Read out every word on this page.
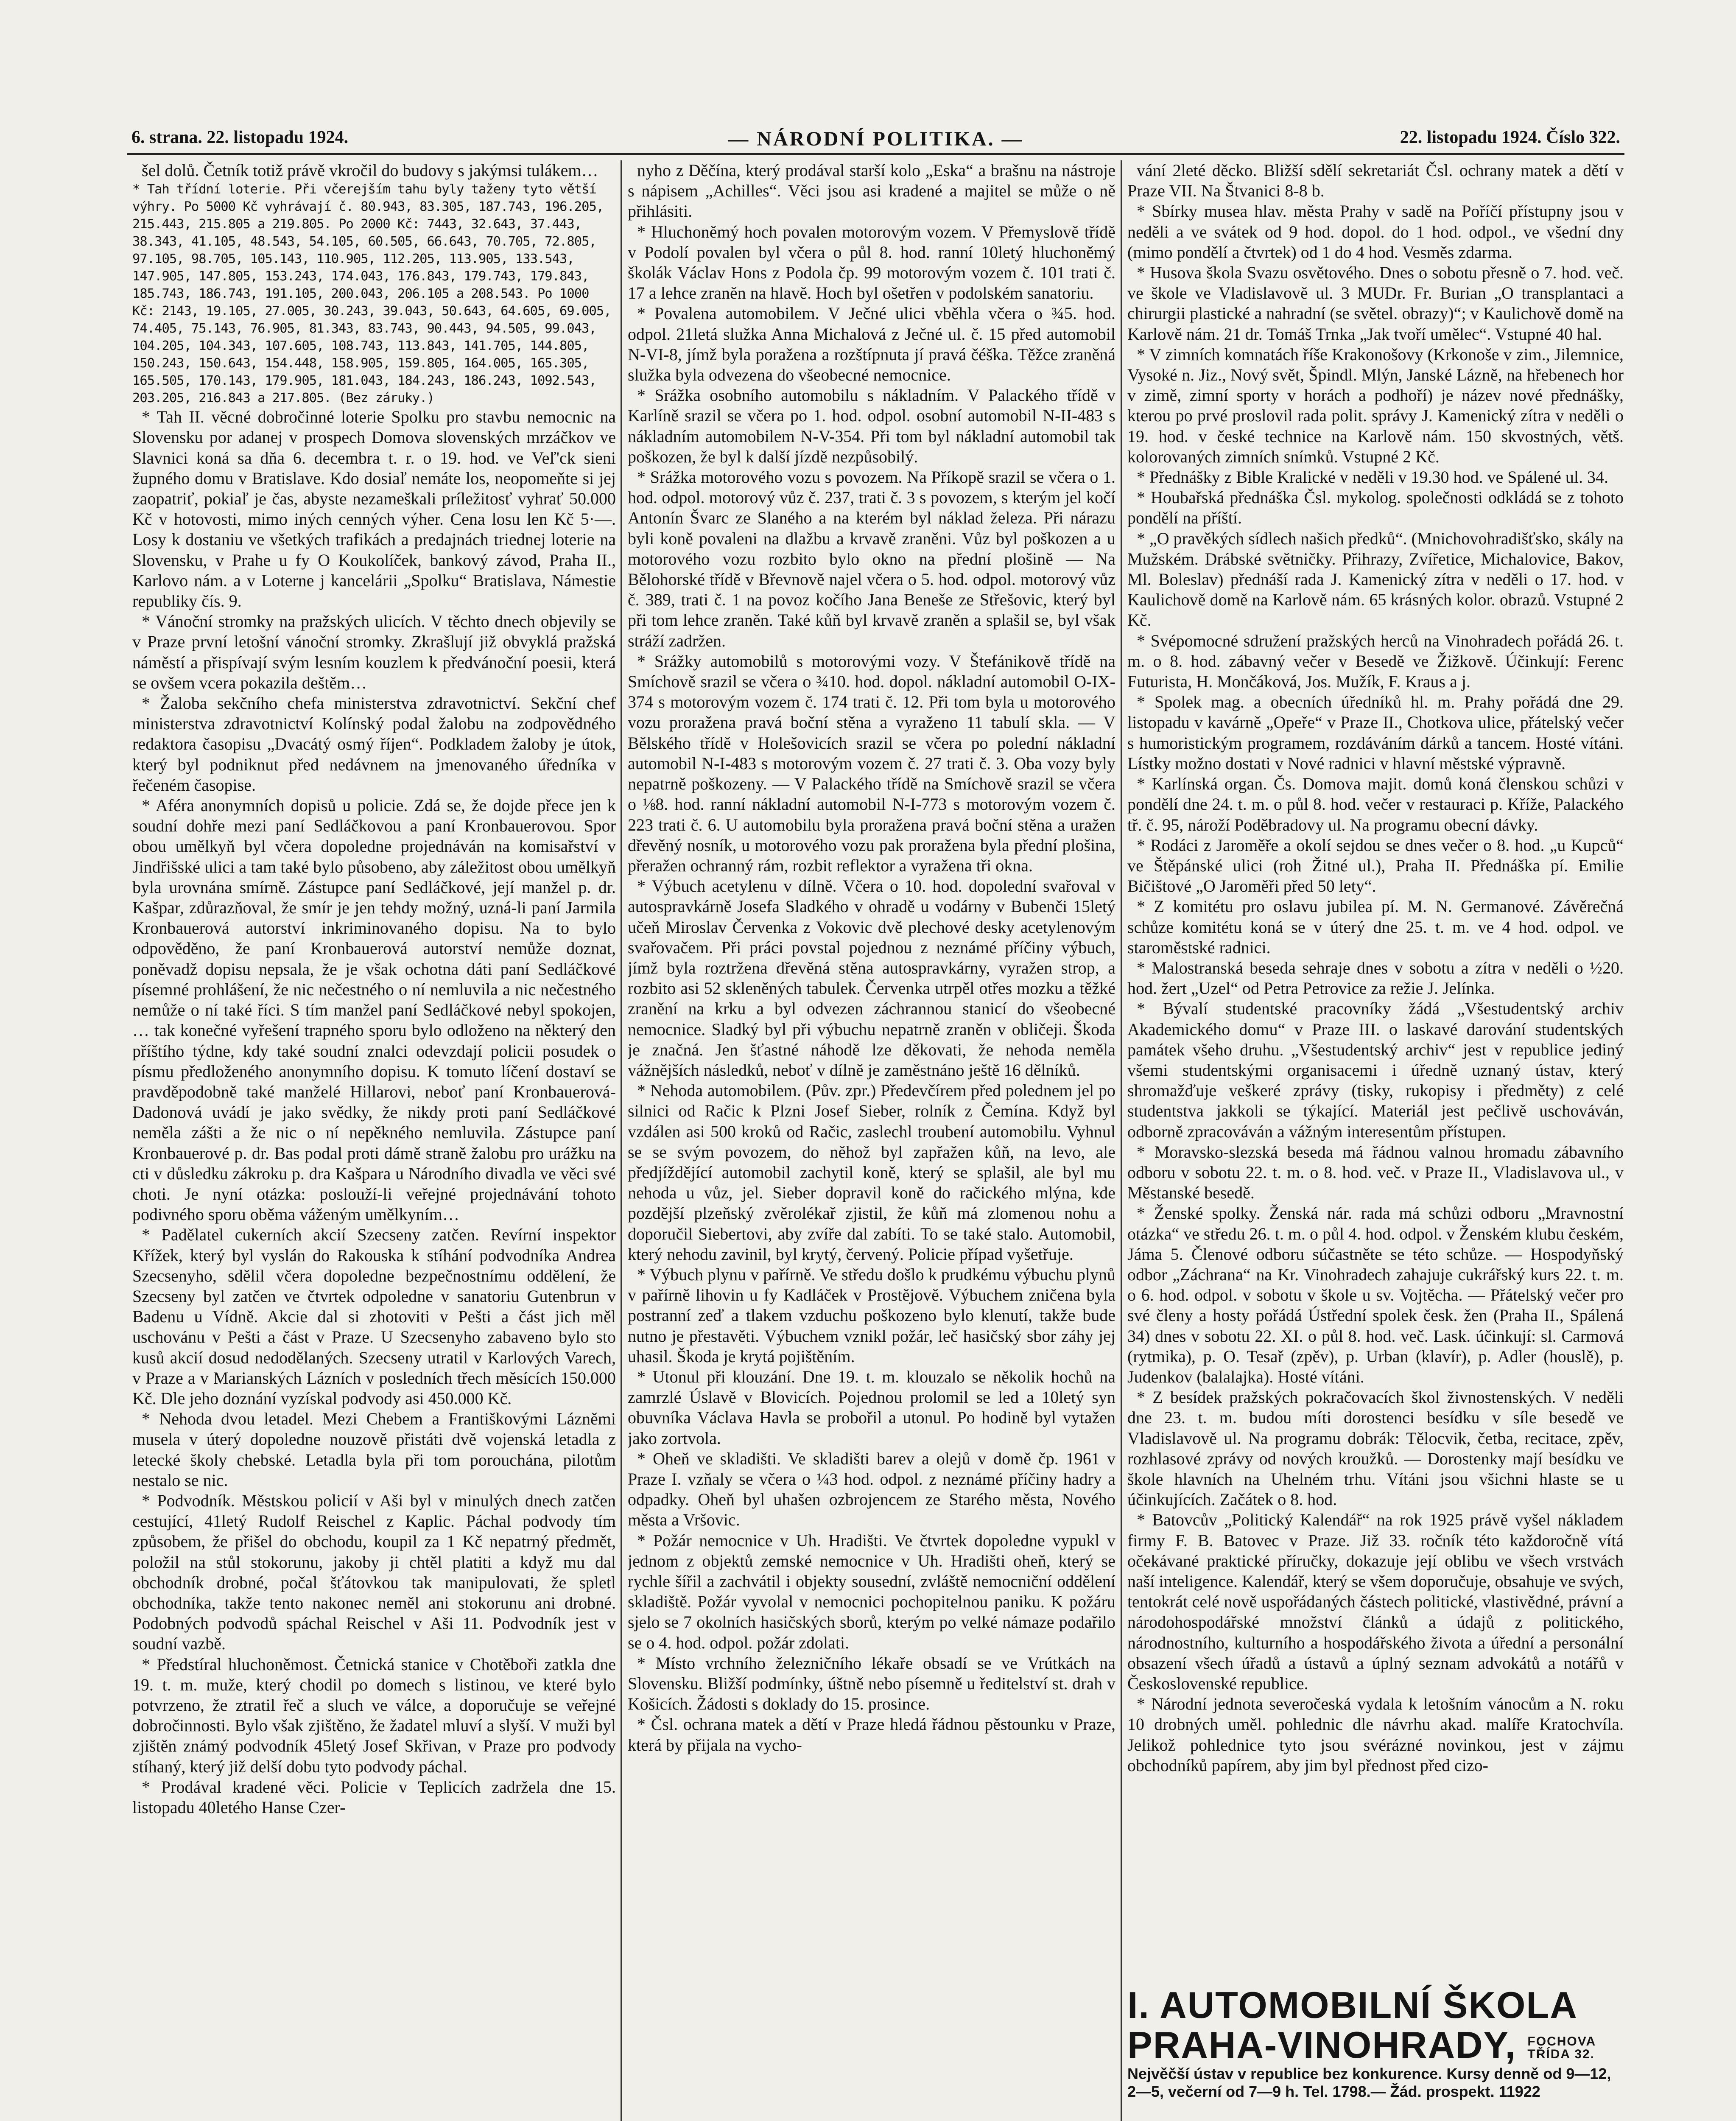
6. strana. 22. listopadu 1924.	— NÁRODNÍ POLITIKA. —	22. listopadu 1924. Číslo 322.

šel dolů. Četník totiž právě vkročil do budovy s jakýmsi tulákem…

* Tah třídní loterie. Při včerejším tahu byly taženy tyto větší výhry. Po 5000 Kč vyhrávají č. 80.943, 83.305, 187.743, 196.205, 215.443, 215.805 a 219.805. Po 2000 Kč: 7443, 32.643, 37.443, 38.343, 41.105, 48.543, 54.105, 60.505, 66.643, 70.705, 72.805, 97.105, 98.705, 105.143, 110.905, 112.205, 113.905, 133.543, 147.905, 147.805, 153.243, 174.043, 176.843, 179.743, 179.843, 185.743, 186.743, 191.105, 200.043, 206.105 a 208.543. Po 1000 Kč: 2143, 19.105, 27.005, 30.243, 39.043, 50.643, 64.605, 69.005, 74.405, 75.143, 76.905, 81.343, 83.743, 90.443, 94.505, 99.043, 104.205, 104.343, 107.605, 108.743, 113.843, 141.705, 144.805, 150.243, 150.643, 154.448, 158.905, 159.805, 164.005, 165.305, 165.505, 170.143, 179.905, 181.043, 184.243, 186.243, 1092.543, 203.205, 216.843 a 217.805. (Bez záruky.)

* Tah II. věcné dobročinné loterie Spolku pro stavbu nemocnic na Slovensku por adanej v prospech Domova slovenských mrzáčkov ve Slavnici koná sa dňa 6. decembra t. r. o 19. hod. ve Veľ'ck sieni župného domu v Bratislave. Kdo dosiaľ nemáte los, neopomeňte si jej zaopatriť, pokiaľ je čas, abyste nezameškali príležitosť vyhrať 50.000 Kč v hotovosti, mimo iných cenných výher. Cena losu len Kč 5·—. Losy k dostaniu ve všetkých trafikách a predajnách triednej loterie na Slovensku, v Prahe u fy O Koukolíček, bankový závod, Praha II., Karlovo nám. a v Loterne j kancelárii „Spolku“ Bratislava, Námestie republiky čís. 9.

* Vánoční stromky na pražských ulicích. V těchto dnech objevily se v Praze první letošní vánoční stromky. Zkrašlují již obvyklá pražská náměstí a přispívají svým lesním kouzlem k předvánoční poesii, která se ovšem vcera pokazila deštěm…

* Žaloba sekčního chefa ministerstva zdravotnictví. Sekční chef ministerstva zdravotnictví Kolínský podal žalobu na zodpovědného redaktora časopisu „Dvacátý osmý říjen“. Podkladem žaloby je útok, který byl podniknut před nedávnem na jmenovaného úředníka v řečeném časopise.

* Aféra anonymních dopisů u policie. Zdá se, že dojde přece jen k soudní dohře mezi paní Sedláčkovou a paní Kronbauerovou. Spor obou umělkyň byl včera dopoledne projednáván na komisařství v Jindřišské ulici a tam také bylo působeno, aby záležitost obou umělkyň byla urovnána smírně. Zástupce paní Sedláčkové, její manžel p. dr. Kašpar, zdůrazňoval, že smír je jen tehdy možný, uzná-li paní Jarmila Kronbauerová autorství inkriminovaného dopisu. Na to bylo odpověděno, že paní Kronbauerová autorství nemůže doznat, poněvadž dopisu nepsala, že je však ochotna dáti paní Sedláčkové písemné prohlášení, že nic nečestného o ní nemluvila a nic nečestného nemůže o ní také říci. S tím manžel paní Sedláčkové nebyl spokojen, … tak konečné vyřešení trapného sporu bylo odloženo na některý den příštího týdne, kdy také soudní znalci odevzdají policii posudek o písmu předloženého anonymního dopisu. K tomuto líčení dostaví se pravděpodobně také manželé Hillarovi, neboť paní Kronbauerová-Dadonová uvádí je jako svědky, že nikdy proti paní Sedláčkové neměla zášti a že nic o ní nepěkného nemluvila. Zástupce paní Kronbauerové p. dr. Bas podal proti dámě straně žalobu pro urážku na cti v důsledku zákroku p. dra Kašpara u Národního divadla ve věci své choti. Je nyní otázka: poslouží-li veřejné projednávání tohoto podivného sporu oběma váženým umělkyním…

* Padělatel cukerních akcií Szecseny zatčen. Revírní inspektor Křížek, který byl vyslán do Rakouska k stíhání podvodníka Andrea Szecsenyho, sdělil včera dopoledne bezpečnostnímu oddělení, že Szecseny byl zatčen ve čtvrtek odpoledne v sanatoriu Gutenbrun v Badenu u Vídně. Akcie dal si zhotoviti v Pešti a část jich měl uschovánu v Pešti a část v Praze. U Szecsenyho zabaveno bylo sto kusů akcií dosud nedodělaných. Szecseny utratil v Karlových Varech, v Praze a v Marianských Lázních v posledních třech měsících 150.000 Kč. Dle jeho doznání vyzískal podvody asi 450.000 Kč.

* Nehoda dvou letadel. Mezi Chebem a Františkovými Lázněmi musela v úterý dopoledne nouzově přistáti dvě vojenská letadla z letecké školy chebské. Letadla byla při tom porouchána, pilotům nestalo se nic.

* Podvodník. Městskou policií v Aši byl v minulých dnech zatčen cestující, 41letý Rudolf Reischel z Kaplic. Páchal podvody tím způsobem, že přišel do obchodu, koupil za 1 Kč nepatrný předmět, položil na stůl stokorunu, jakoby ji chtěl platiti a když mu dal obchodník drobné, počal šťátovkou tak manipulovati, že spletl obchodníka, takže tento nakonec neměl ani stokorunu ani drobné. Podobných podvodů spáchal Reischel v Aši 11. Podvodník jest v soudní vazbě.

* Předstíral hluchoněmost. Četnická stanice v Chotěboři zatkla dne 19. t. m. muže, který chodil po domech s listinou, ve které bylo potvrzeno, že ztratil řeč a sluch ve válce, a doporučuje se veřejné dobročinnosti. Bylo však zjištěno, že žadatel mluví a slyší. V muži byl zjištěn známý podvodník 45letý Josef Skřivan, v Praze pro podvody stíhaný, který již delší dobu tyto podvody páchal.

* Prodával kradené věci. Policie v Teplicích zadržela dne 15. listopadu 40letého Hanse Czer-

nyho z Děčína, který prodával starší kolo „Eska“ a brašnu na nástroje s nápisem „Achilles“. Věci jsou asi kradené a majitel se může o ně přihlásiti.

* Hluchoněmý hoch povalen motorovým vozem. V Přemyslově třídě v Podolí povalen byl včera o půl 8. hod. ranní 10letý hluchoněmý školák Václav Hons z Podola čp. 99 motorovým vozem č. 101 trati č. 17 a lehce zraněn na hlavě. Hoch byl ošetřen v podolském sanatoriu.

* Povalena automobilem. V Ječné ulici vběhla včera o ¾5. hod. odpol. 21letá služka Anna Michalová z Ječné ul. č. 15 před automobil N-VI-8, jímž byla poražena a rozštípnuta jí pravá čéška. Těžce zraněná služka byla odvezena do všeobecné nemocnice.

* Srážka osobního automobilu s nákladním. V Palackého třídě v Karlíně srazil se včera po 1. hod. odpol. osobní automobil N-II-483 s nákladním automobilem N-V-354. Při tom byl nákladní automobil tak poškozen, že byl k další jízdě nezpůsobilý.

* Srážka motorového vozu s povozem. Na Příkopě srazil se včera o 1. hod. odpol. motorový vůz č. 237, trati č. 3 s povozem, s kterým jel kočí Antonín Švarc ze Slaného a na kterém byl náklad železa. Při nárazu byli koně povaleni na dlažbu a krvavě zraněni. Vůz byl poškozen a u motorového vozu rozbito bylo okno na přední plošině — Na Bělohorské třídě v Břevnově najel včera o 5. hod. odpol. motorový vůz č. 389, trati č. 1 na povoz kočího Jana Beneše ze Střešovic, který byl při tom lehce zraněn. Také kůň byl krvavě zraněn a splašil se, byl však stráží zadržen.

* Srážky automobilů s motorovými vozy. V Štefánikově třídě na Smíchově srazil se včera o ¾10. hod. dopol. nákladní automobil O-IX-374 s motorovým vozem č. 174 trati č. 12. Při tom byla u motorového vozu proražena pravá boční stěna a vyraženo 11 tabulí skla. — V Bělského třídě v Holešovicích srazil se včera po polední nákladní automobil N-I-483 s motorovým vozem č. 27 trati č. 3. Oba vozy byly nepatrně poškozeny. — V Palackého třídě na Smíchově srazil se včera o ⅛8. hod. ranní nákladní automobil N-I-773 s motorovým vozem č. 223 trati č. 6. U automobilu byla proražena pravá boční stěna a uražen dřevěný nosník, u motorového vozu pak proražena byla přední plošina, přeražen ochranný rám, rozbit reflektor a vyražena tři okna.

* Výbuch acetylenu v dílně. Včera o 10. hod. dopolední svařoval v autospravkárně Josefa Sladkého v ohradě u vodárny v Bubenči 15letý učeň Miroslav Červenka z Vokovic dvě plechové desky acetylenovým svařovačem. Při práci povstal pojednou z neznámé příčiny výbuch, jímž byla roztržena dřevěná stěna autospravkárny, vyražen strop, a rozbito asi 52 skleněných tabulek. Červenka utrpěl otřes mozku a těžké zranění na krku a byl odvezen záchrannou stanicí do všeobecné nemocnice. Sladký byl při výbuchu nepatrně zraněn v obličeji. Škoda je značná. Jen šťastné náhodě lze děkovati, že nehoda neměla vážnějších následků, neboť v dílně je zaměstnáno ještě 16 dělníků.

* Nehoda automobilem. (Pův. zpr.) Předevčírem před polednem jel po silnici od Račic k Plzni Josef Sieber, rolník z Čemína. Když byl vzdálen asi 500 kroků od Račic, zaslechl troubení automobilu. Vyhnul se se svým povozem, do něhož byl zapřažen kůň, na levo, ale předjíždějící automobil zachytil koně, který se splašil, ale byl mu nehoda u vůz, jel. Sieber dopravil koně do račického mlýna, kde pozdější plzeňský zvěrolékař zjistil, že kůň má zlomenou nohu a doporučil Siebertovi, aby zvíře dal zabíti. To se také stalo. Automobil, který nehodu zavinil, byl krytý, červený. Policie případ vyšetřuje.

* Výbuch plynu v pařírně. Ve středu došlo k prudkému výbuchu plynů v pařírně lihovin u fy Kadláček v Prostějově. Výbuchem zničena byla postranní zeď a tlakem vzduchu poškozeno bylo klenutí, takže bude nutno je přestavěti. Výbuchem vznikl požár, leč hasičský sbor záhy jej uhasil. Škoda je krytá pojištěním.

* Utonul při klouzání. Dne 19. t. m. klouzalo se několik hochů na zamrzlé Úslavě v Blovicích. Pojednou prolomil se led a 10letý syn obuvníka Václava Havla se probořil a utonul. Po hodině byl vytažen jako zortvola.

* Oheň ve skladišti. Ve skladišti barev a olejů v domě čp. 1961 v Praze I. vzňaly se včera o ¼3 hod. odpol. z neznámé příčiny hadry a odpadky. Oheň byl uhašen ozbrojencem ze Starého města, Nového města a Vršovic.

* Požár nemocnice v Uh. Hradišti. Ve čtvrtek dopoledne vypukl v jednom z objektů zemské nemocnice v Uh. Hradišti oheň, který se rychle šířil a zachvátil i objekty sousední, zvláště nemocniční oddělení skladiště. Požár vyvolal v nemocnici pochopitelnou paniku. K požáru sjelo se 7 okolních hasičských sborů, kterým po velké námaze podařilo se o 4. hod. odpol. požár zdolati.

* Místo vrchního železničního lékaře obsadí se ve Vrútkách na Slovensku. Bližší podmínky, úštně nebo písemně u ředitelství st. drah v Košicích. Žádosti s doklady do 15. prosince.

* Čsl. ochrana matek a dětí v Praze hledá řádnou pěstounku v Praze, která by přijala na vycho-

vání 2leté děcko. Bližší sdělí sekretariát Čsl. ochrany matek a dětí v Praze VII. Na Štvanici 8-8 b.

* Sbírky musea hlav. města Prahy v sadě na Poříčí přístupny jsou v neděli a ve svátek od 9 hod. dopol. do 1 hod. odpol., ve všední dny (mimo pondělí a čtvrtek) od 1 do 4 hod. Vesměs zdarma.

* Husova škola Svazu osvětového. Dnes o sobotu přesně o 7. hod. več. ve škole ve Vladislavově ul. 3 MUDr. Fr. Burian „O transplantaci a chirurgii plastické a nahradní (se světel. obrazy)“; v Kaulichově domě na Karlově nám. 21 dr. Tomáš Trnka „Jak tvoří umělec“. Vstupné 40 hal.

* V zimních komnatách říše Krakonošovy (Krkonoše v zim., Jilemnice, Vysoké n. Jiz., Nový svět, Špindl. Mlýn, Janské Lázně, na hřebenech hor v zimě, zimní sporty v horách a podhoří) je název nové přednášky, kterou po prvé proslovil rada polit. správy J. Kamenický zítra v neděli o 19. hod. v české technice na Karlově nám. 150 skvostných, větš. kolorovaných zimních snímků. Vstupné 2 Kč.

* Přednášky z Bible Kralické v neděli v 19.30 hod. ve Spálené ul. 34.

* Houbařská přednáška Čsl. mykolog. společnosti odkládá se z tohoto pondělí na příští.

* „O pravěkých sídlech našich předků“. (Mnichovohradišťsko, skály na Mužském. Drábské světničky. Přihrazy, Zvířetice, Michalovice, Bakov, Ml. Boleslav) přednáší rada J. Kamenický zítra v neděli o 17. hod. v Kaulichově domě na Karlově nám. 65 krásných kolor. obrazů. Vstupné 2 Kč.

* Svépomocné sdružení pražských herců na Vinohradech pořádá 26. t. m. o 8. hod. zábavný večer v Besedě ve Žižkově. Účinkují: Ferenc Futurista, H. Mončáková, Jos. Mužík, F. Kraus a j.

* Spolek mag. a obecních úředníků hl. m. Prahy pořádá dne 29. listopadu v kavárně „Opeře“ v Praze II., Chotkova ulice, přátelský večer s humoristickým programem, rozdáváním dárků a tancem. Hosté vítáni. Lístky možno dostati v Nové radnici v hlavní městské výpravně.

* Karlínská organ. Čs. Domova majit. domů koná členskou schůzi v pondělí dne 24. t. m. o půl 8. hod. večer v restauraci p. Kříže, Palackého tř. č. 95, nároží Poděbradovy ul. Na programu obecní dávky.

* Rodáci z Jaroměře a okolí sejdou se dnes večer o 8. hod. „u Kupců“ ve Štěpánské ulici (roh Žitné ul.), Praha II. Přednáška pí. Emilie Bičištové „O Jaroměři před 50 lety“.

* Z komitétu pro oslavu jubilea pí. M. N. Germanové. Závěrečná schůze komitétu koná se v úterý dne 25. t. m. ve 4 hod. odpol. ve staroměstské radnici.

* Malostranská beseda sehraje dnes v sobotu a zítra v neděli o ½20. hod. žert „Uzel“ od Petra Petrovice za režie J. Jelínka.

* Bývalí studentské pracovníky žádá „Všestudentský archiv Akademického domu“ v Praze III. o laskavé darování studentských památek všeho druhu. „Všestudentský archiv“ jest v republice jediný všemi studentskými organisacemi i úředně uznaný ústav, který shromažďuje veškeré zprávy (tisky, rukopisy i předměty) z celé studentstva jakkoli se týkající. Materiál jest pečlivě uschováván, odborně zpracováván a vážným interesentům přístupen.

* Moravsko-slezská beseda má řádnou valnou hromadu zábavního odboru v sobotu 22. t. m. o 8. hod. več. v Praze II., Vladislavova ul., v Městanské besedě.

* Ženské spolky. Ženská nár. rada má schůzi odboru „Mravnostní otázka“ ve středu 26. t. m. o půl 4. hod. odpol. v Ženském klubu českém, Jáma 5. Členové odboru súčastněte se této schůze. — Hospodyňský odbor „Záchrana“ na Kr. Vinohradech zahajuje cukrářský kurs 22. t. m. o 6. hod. odpol. v sobotu v škole u sv. Vojtěcha. — Přátelský večer pro své členy a hosty pořádá Ústřední spolek česk. žen (Praha II., Spálená 34) dnes v sobotu 22. XI. o půl 8. hod. več. Lask. účinkují: sl. Carmová (rytmika), p. O. Tesař (zpěv), p. Urban (klavír), p. Adler (houslě), p. Judenkov (balalajka). Hosté vítáni.

* Z besídek pražských pokračovacích škol živnostenských. V neděli dne 23. t. m. budou míti dorostenci besídku v síle besedě ve Vladislavově ul. Na programu dobrák: Tělocvik, četba, recitace, zpěv, rozhlasové zprávy od nových kroužků. — Dorostenky mají besídku ve škole hlavních na Uhelném trhu. Vítáni jsou všichni hlaste se u účinkujících. Začátek o 8. hod.

* Batovcův „Politický Kalendář“ na rok 1925 právě vyšel nákladem firmy F. B. Batovec v Praze. Již 33. ročník této každoročně vítá očekávané praktické příručky, dokazuje její oblibu ve všech vrstvách naší inteligence. Kalendář, který se všem doporučuje, obsahuje ve svých, tentokrát celé nově uspořádaných částech politické, vlastivědné, právní a národohospodářské množství článků a údajů z politického, národnostního, kulturního a hospodářského života a úřední a personální obsazení všech úřadů a ústavů a úplný seznam advokátů a notářů v Československé republice.

* Národní jednota severočeská vydala k letošním vánocům a N. roku 10 drobných uměl. pohlednic dle návrhu akad. malíře Kratochvíla. Jelikož pohlednice tyto jsou svérázné novinkou, jest v zájmu obchodníků papírem, aby jim byl přednost před cizo-

I. AUTOMOBILNÍ ŠKOLA
PRAHA-VINOHRADY, FOCHOVA TŘÍDA 32.
Nejvěčší ústav v republice bez konkurence. Kursy denně od 9—12, 2—5, večerní od 7—9 h. Tel. 1798.— Žád. prospekt. 11922
